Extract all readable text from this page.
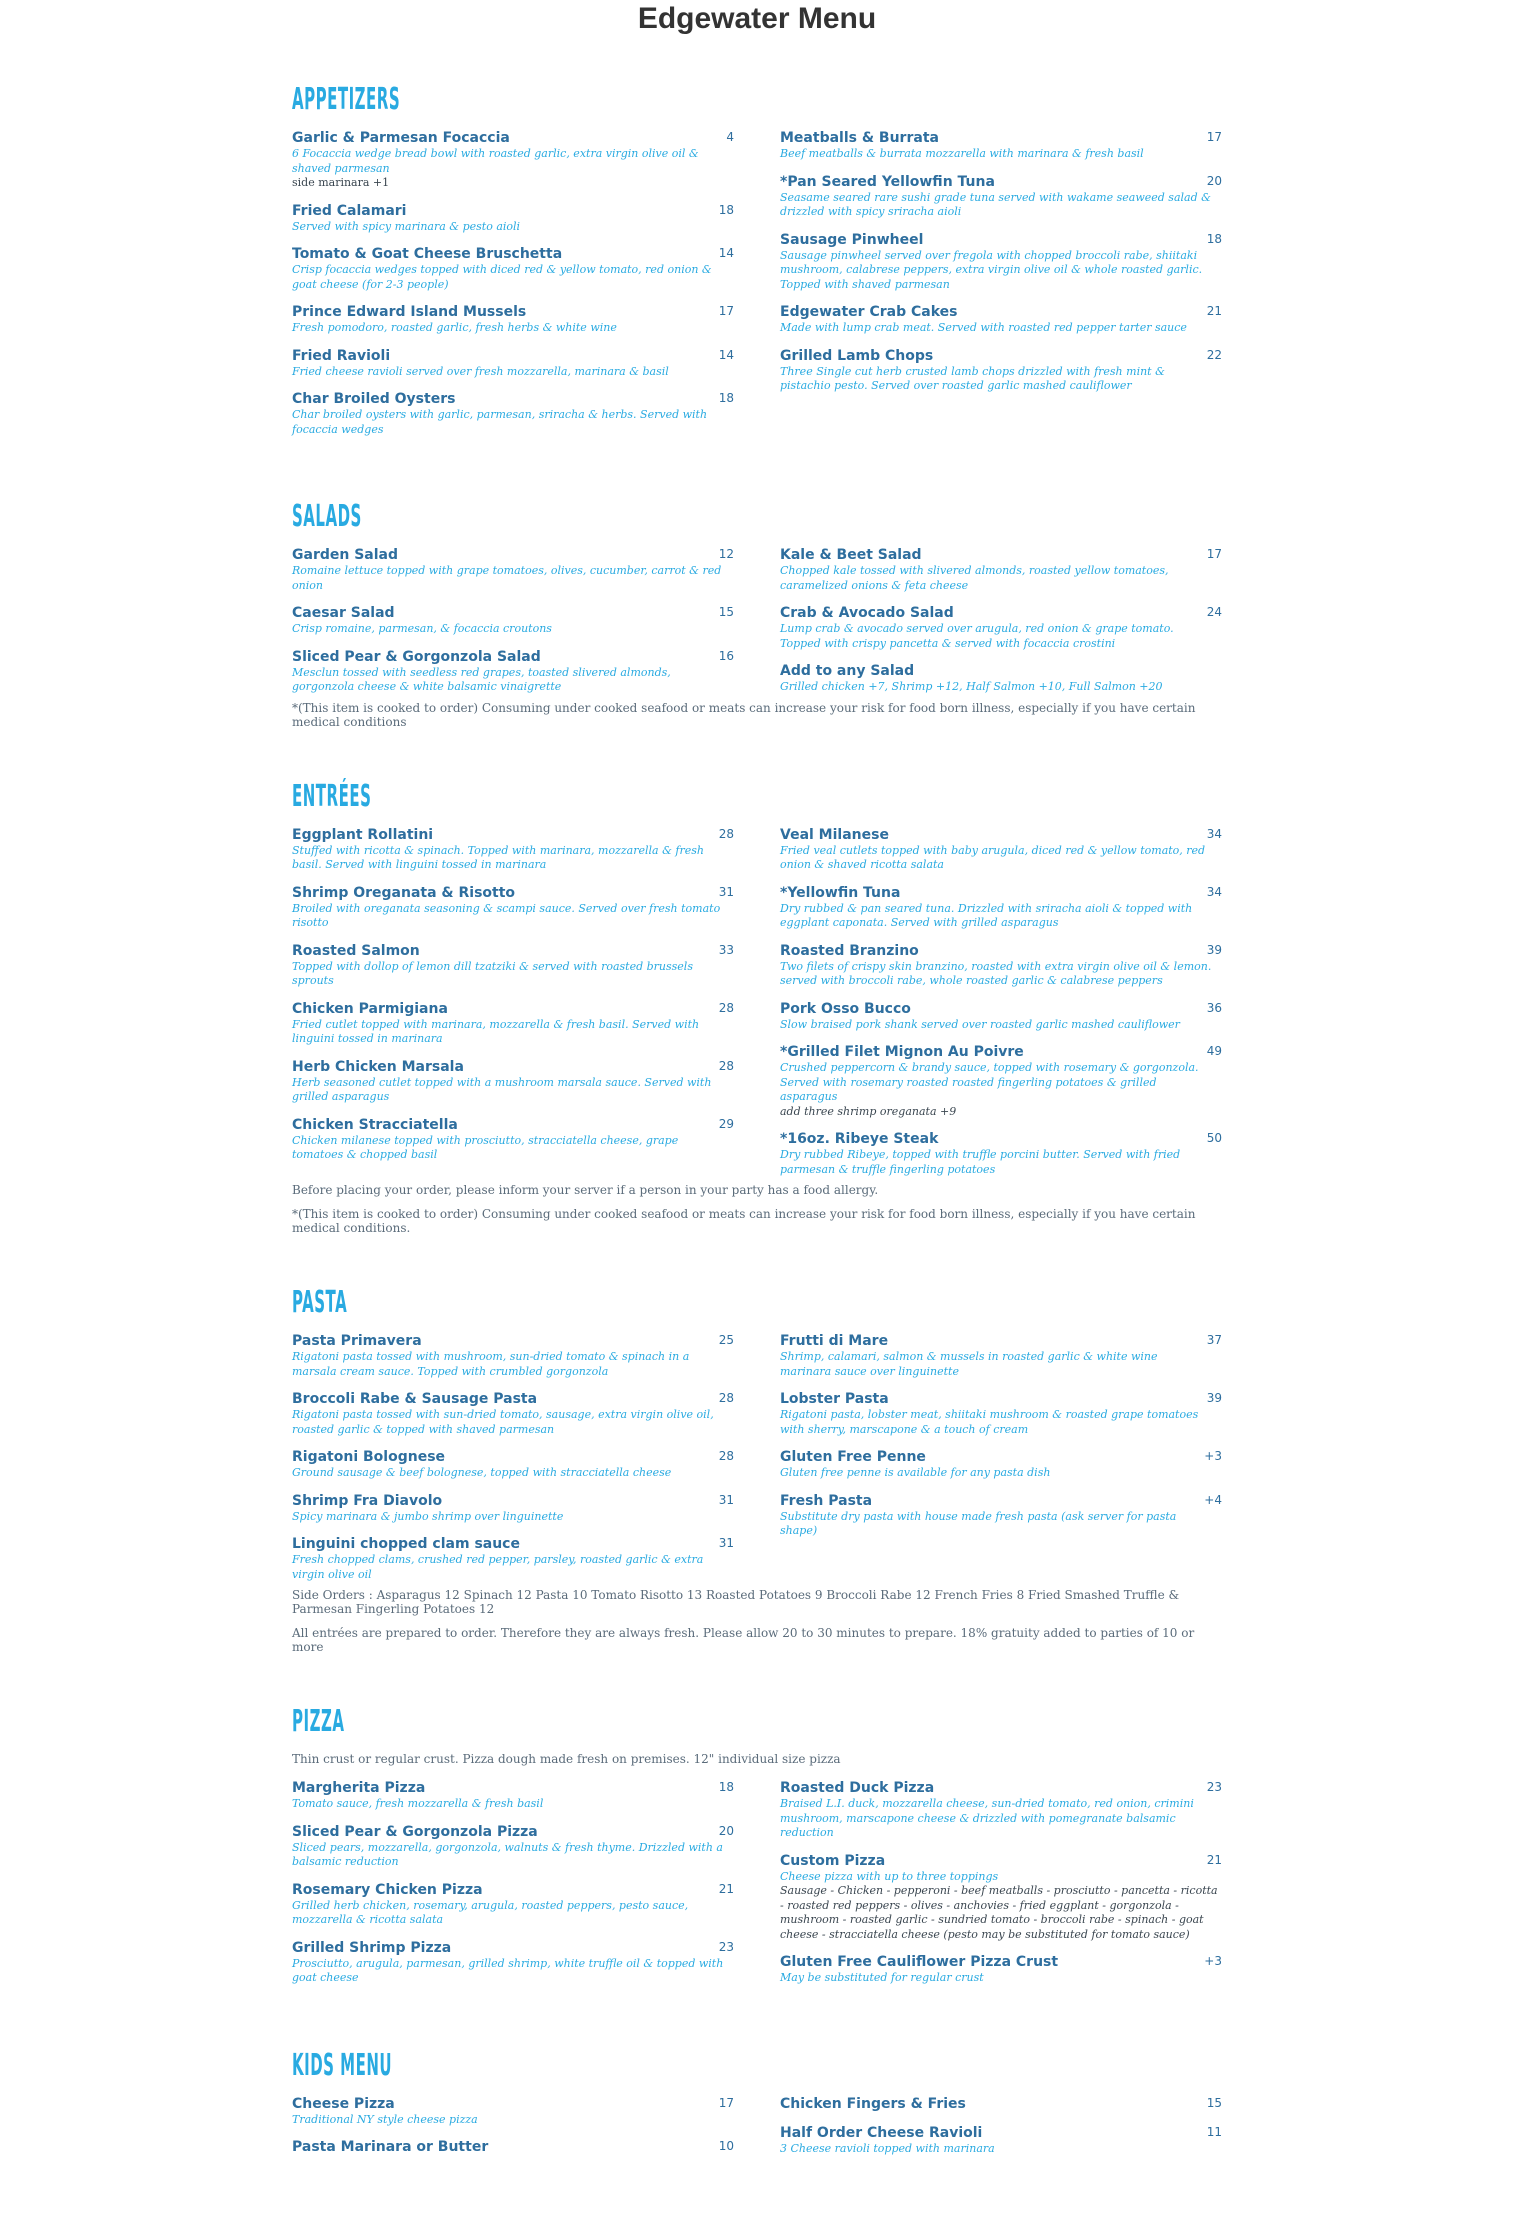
Edgewater Menu
APPETIZERS
Garlic & Parmesan Focaccia	4
6 Focaccia wedge bread bowl with roasted garlic, extra virgin olive oil & shaved parmesan
side marinara +1
Fried Calamari	18
Served with spicy marinara & pesto aioli
Tomato & Goat Cheese Bruschetta	14
Crisp focaccia wedges topped with diced red & yellow tomato, red onion & goat cheese (for 2-3 people)
Prince Edward Island Mussels	17
Fresh pomodoro, roasted garlic, fresh herbs & white wine
Fried Ravioli	14
Fried cheese ravioli served over fresh mozzarella, marinara & basil
Char Broiled Oysters	18
Char broiled oysters with garlic, parmesan, sriracha & herbs. Served with focaccia wedges
Meatballs & Burrata	17
Beef meatballs & burrata mozzarella with marinara & fresh basil
*Pan Seared Yellowfin Tuna	20
Seasame seared rare sushi grade tuna served with wakame seaweed salad & drizzled with spicy sriracha aioli
Sausage Pinwheel	18
Sausage pinwheel served over fregola with chopped broccoli rabe, shiitaki mushroom, calabrese peppers, extra virgin olive oil & whole roasted garlic. Topped with shaved parmesan
Edgewater Crab Cakes	21
Made with lump crab meat. Served with roasted red pepper tarter sauce
Grilled Lamb Chops	22
Three Single cut herb crusted lamb chops drizzled with fresh mint & pistachio pesto. Served over roasted garlic mashed cauliflower
SALADS
Garden Salad	12
Romaine lettuce topped with grape tomatoes, olives, cucumber, carrot & red onion
Caesar Salad	15
Crisp romaine, parmesan, & focaccia croutons
Sliced Pear & Gorgonzola Salad	16
Mesclun tossed with seedless red grapes, toasted slivered almonds, gorgonzola cheese & white balsamic vinaigrette
Kale & Beet Salad	17
Chopped kale tossed with slivered almonds, roasted yellow tomatoes, caramelized onions & feta cheese
Crab & Avocado Salad	24
Lump crab & avocado served over arugula, red onion & grape tomato. Topped with crispy pancetta & served with focaccia crostini
Add to any Salad
Grilled chicken +7, Shrimp +12, Half Salmon +10, Full Salmon +20

*(This item is cooked to order) Consuming under cooked seafood or meats can increase your risk for food born illness, especially if you have certain medical conditions

ENTRÉES
Eggplant Rollatini	28
Stuffed with ricotta & spinach. Topped with marinara, mozzarella & fresh basil. Served with linguini tossed in marinara
Shrimp Oreganata & Risotto	31
Broiled with oreganata seasoning & scampi sauce. Served over fresh tomato risotto
Roasted Salmon	33
Topped with dollop of lemon dill tzatziki & served with roasted brussels sprouts
Chicken Parmigiana	28
Fried cutlet topped with marinara, mozzarella & fresh basil. Served with linguini tossed in marinara
Herb Chicken Marsala	28
Herb seasoned cutlet topped with a mushroom marsala sauce. Served with grilled asparagus
Chicken Stracciatella	29
Chicken milanese topped with prosciutto, stracciatella cheese, grape tomatoes & chopped basil
Veal Milanese	34
Fried veal cutlets topped with baby arugula, diced red & yellow tomato, red onion & shaved ricotta salata
*Yellowfin Tuna	34
Dry rubbed & pan seared tuna. Drizzled with sriracha aioli & topped with eggplant caponata. Served with grilled asparagus
Roasted Branzino	39
Two filets of crispy skin branzino, roasted with extra virgin olive oil & lemon. served with broccoli rabe, whole roasted garlic & calabrese peppers
Pork Osso Bucco	36
Slow braised pork shank served over roasted garlic mashed cauliflower
*Grilled Filet Mignon Au Poivre	49
Crushed peppercorn & brandy sauce, topped with rosemary & gorgonzola. Served with rosemary roasted roasted fingerling potatoes & grilled asparagus
add three shrimp oreganata +9
*16oz. Ribeye Steak	50
Dry rubbed Ribeye, topped with truffle porcini butter. Served with fried parmesan & truffle fingerling potatoes

Before placing your order, please inform your server if a person in your party has a food allergy.

*(This item is cooked to order) Consuming under cooked seafood or meats can increase your risk for food born illness, especially if you have certain medical conditions.

PASTA
Pasta Primavera	25
Rigatoni pasta tossed with mushroom, sun-dried tomato & spinach in a marsala cream sauce. Topped with crumbled gorgonzola
Broccoli Rabe & Sausage Pasta	28
Rigatoni pasta tossed with sun-dried tomato, sausage, extra virgin olive oil, roasted garlic & topped with shaved parmesan
Rigatoni Bolognese	28
Ground sausage & beef bolognese, topped with stracciatella cheese
Shrimp Fra Diavolo	31
Spicy marinara & jumbo shrimp over linguinette
Linguini chopped clam sauce	31
Fresh chopped clams, crushed red pepper, parsley, roasted garlic & extra virgin olive oil
Frutti di Mare	37
Shrimp, calamari, salmon & mussels in roasted garlic & white wine marinara sauce over linguinette
Lobster Pasta	39
Rigatoni pasta, lobster meat, shiitaki mushroom & roasted grape tomatoes with sherry, marscapone & a touch of cream
Gluten Free Penne	+3
Gluten free penne is available for any pasta dish
Fresh Pasta	+4
Substitute dry pasta with house made fresh pasta (ask server for pasta shape)

Side Orders : Asparagus 12 Spinach 12 Pasta 10 Tomato Risotto 13 Roasted Potatoes 9 Broccoli Rabe 12 French Fries 8 Fried Smashed Truffle & Parmesan Fingerling Potatoes 12

All entrées are prepared to order. Therefore they are always fresh. Please allow 20 to 30 minutes to prepare. 18% gratuity added to parties of 10 or more

PIZZA

Thin crust or regular crust. Pizza dough made fresh on premises. 12" individual size pizza

Margherita Pizza	18
Tomato sauce, fresh mozzarella & fresh basil
Sliced Pear & Gorgonzola Pizza	20
Sliced pears, mozzarella, gorgonzola, walnuts & fresh thyme. Drizzled with a balsamic reduction
Rosemary Chicken Pizza	21
Grilled herb chicken, rosemary, arugula, roasted peppers, pesto sauce, mozzarella & ricotta salata
Grilled Shrimp Pizza	23
Prosciutto, arugula, parmesan, grilled shrimp, white truffle oil & topped with goat cheese
Roasted Duck Pizza	23
Braised L.I. duck, mozzarella cheese, sun-dried tomato, red onion, crimini mushroom, marscapone cheese & drizzled with pomegranate balsamic reduction
Custom Pizza	21
Cheese pizza with up to three toppings
Sausage - Chicken - pepperoni - beef meatballs - prosciutto - pancetta - ricotta - roasted red peppers - olives - anchovies - fried eggplant - gorgonzola - mushroom - roasted garlic - sundried tomato - broccoli rabe - spinach - goat cheese - stracciatella cheese (pesto may be substituted for tomato sauce)
Gluten Free Cauliflower Pizza Crust	+3
May be substituted for regular crust
KIDS MENU
Cheese Pizza	17
Traditional NY style cheese pizza
Pasta Marinara or Butter	10
Chicken Fingers & Fries	15
Half Order Cheese Ravioli	11
3 Cheese ravioli topped with marinara
